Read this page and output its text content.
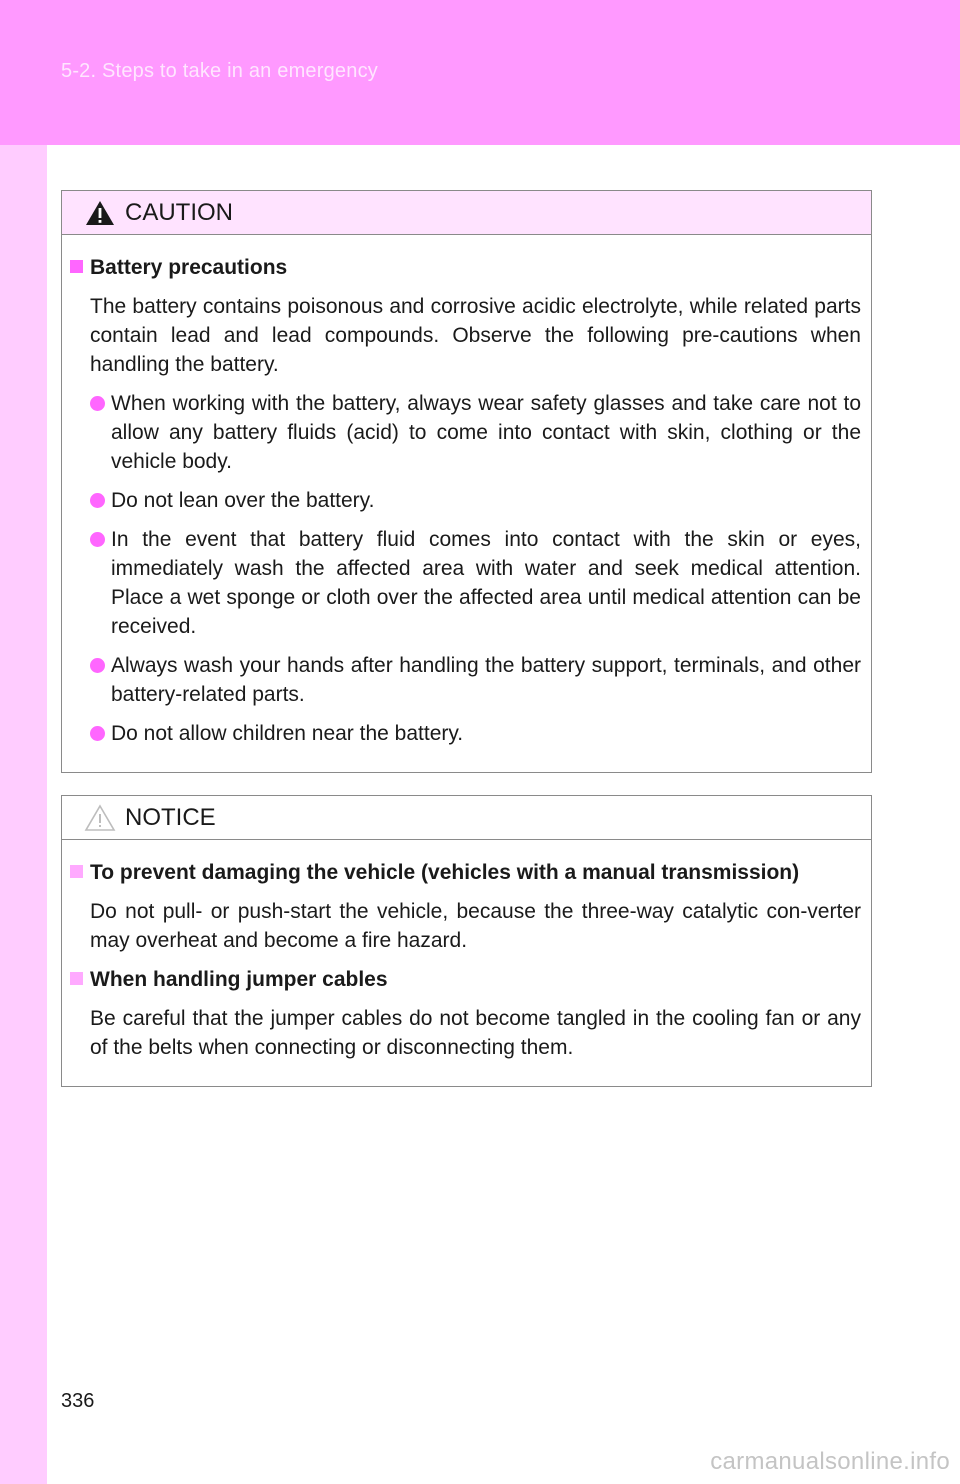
5-2. Steps to take in an emergency
CAUTION
Battery precautions
The battery contains poisonous and corrosive acidic electrolyte, while related parts contain lead and lead compounds. Observe the following pre-cautions when handling the battery.
When working with the battery, always wear safety glasses and take care not to allow any battery fluids (acid) to come into contact with skin, clothing or the vehicle body.
Do not lean over the battery.
In the event that battery fluid comes into contact with the skin or eyes, immediately wash the affected area with water and seek medical attention. Place a wet sponge or cloth over the affected area until medical attention can be received.
Always wash your hands after handling the battery support, terminals, and other battery-related parts.
Do not allow children near the battery.
NOTICE
To prevent damaging the vehicle (vehicles with a manual transmission)
Do not pull- or push-start the vehicle, because the three-way catalytic con-verter may overheat and become a fire hazard.
When handling jumper cables
Be careful that the jumper cables do not become tangled in the cooling fan or any of the belts when connecting or disconnecting them.
336
carmanualsonline.info
